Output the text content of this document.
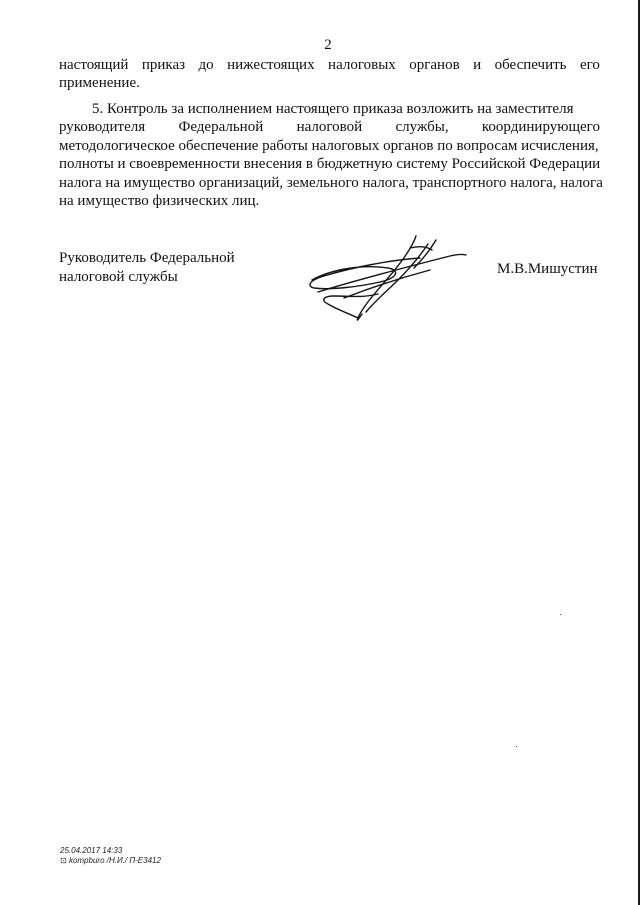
2
настоящий приказ до нижестоящих налоговых органов и обеспечить его
применение.
5. Контроль за исполнением настоящего приказа возложить на заместителя
руководителя Федеральной налоговой службы, координирующего
методологическое обеспечение работы налоговых органов по вопросам исчисления,
полноты и своевременности внесения в бюджетную систему Российской Федерации
налога на имущество организаций, земельного налога, транспортного налога, налога
на имущество физических лиц.
Руководитель Федеральной
налоговой службы	М.В.Мишустин
25.04.2017 14:33
⊡ kompburo /Н.И./ П-Е3412
